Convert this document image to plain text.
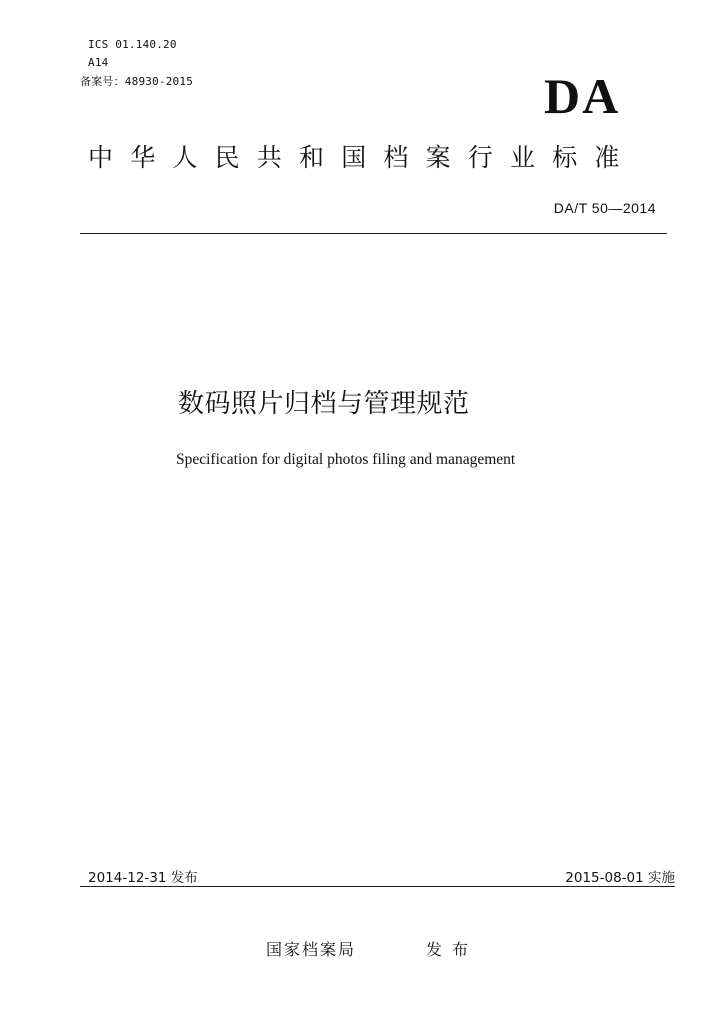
ICS 01.140.20
A14
备案号：48930-2015	DA
中华人民共和国档案行业标准
DA/T 50—2014
数码照片归档与管理规范
Specification for digital photos filing and management
2014-12-31 发布	2015-08-01 实施
国家档案局	发布
